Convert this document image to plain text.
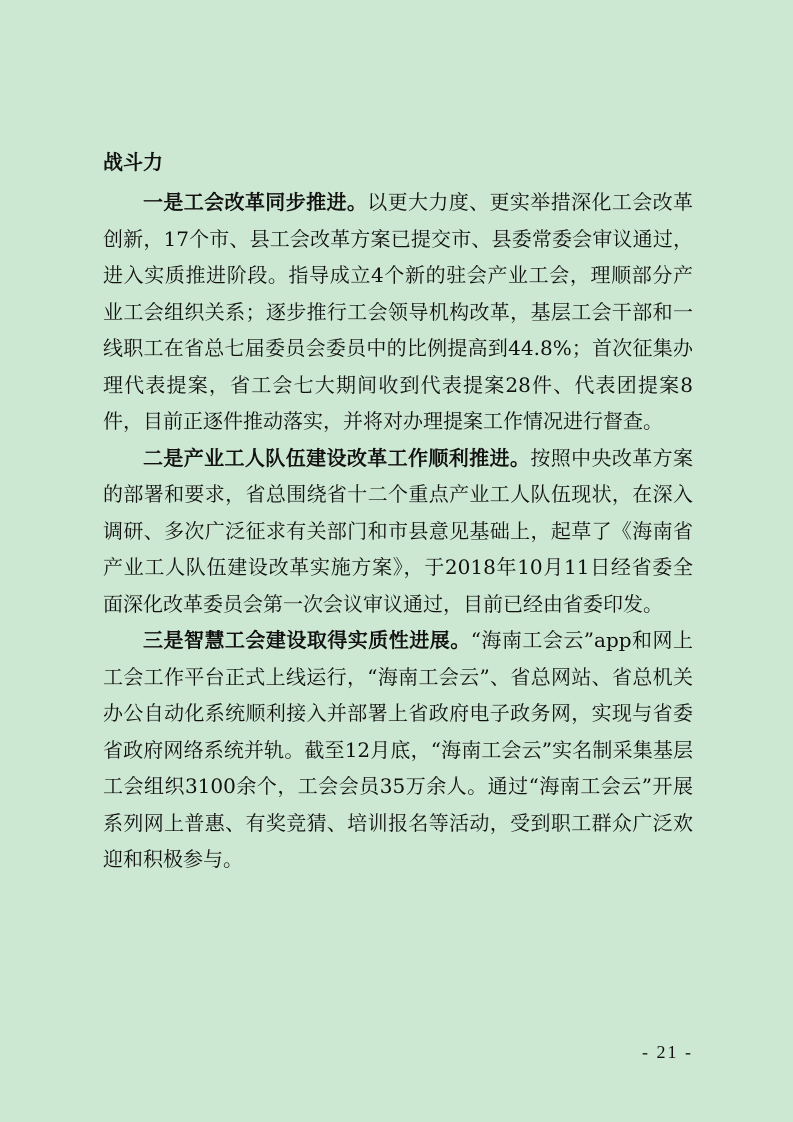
战斗力

一是工会改革同步推进。以更大力度、更实举措深化工会改革创新，17个市、县工会改革方案已提交市、县委常委会审议通过，进入实质推进阶段。指导成立4个新的驻会产业工会，理顺部分产业工会组织关系；逐步推行工会领导机构改革，基层工会干部和一线职工在省总七届委员会委员中的比例提高到44.8%；首次征集办理代表提案，省工会七大期间收到代表提案28件、代表团提案8件，目前正逐件推动落实，并将对办理提案工作情况进行督查。

二是产业工人队伍建设改革工作顺利推进。按照中央改革方案的部署和要求，省总围绕省十二个重点产业工人队伍现状，在深入调研、多次广泛征求有关部门和市县意见基础上，起草了《海南省产业工人队伍建设改革实施方案》，于2018年10月11日经省委全面深化改革委员会第一次会议审议通过，目前已经由省委印发。

三是智慧工会建设取得实质性进展。“海南工会云”app和网上工会工作平台正式上线运行，“海南工会云”、省总网站、省总机关办公自动化系统顺利接入并部署上省政府电子政务网，实现与省委省政府网络系统并轨。截至12月底，“海南工会云”实名制采集基层工会组织3100余个，工会会员35万余人。通过“海南工会云”开展系列网上普惠、有奖竞猜、培训报名等活动，受到职工群众广泛欢迎和积极参与。

- 21 -
